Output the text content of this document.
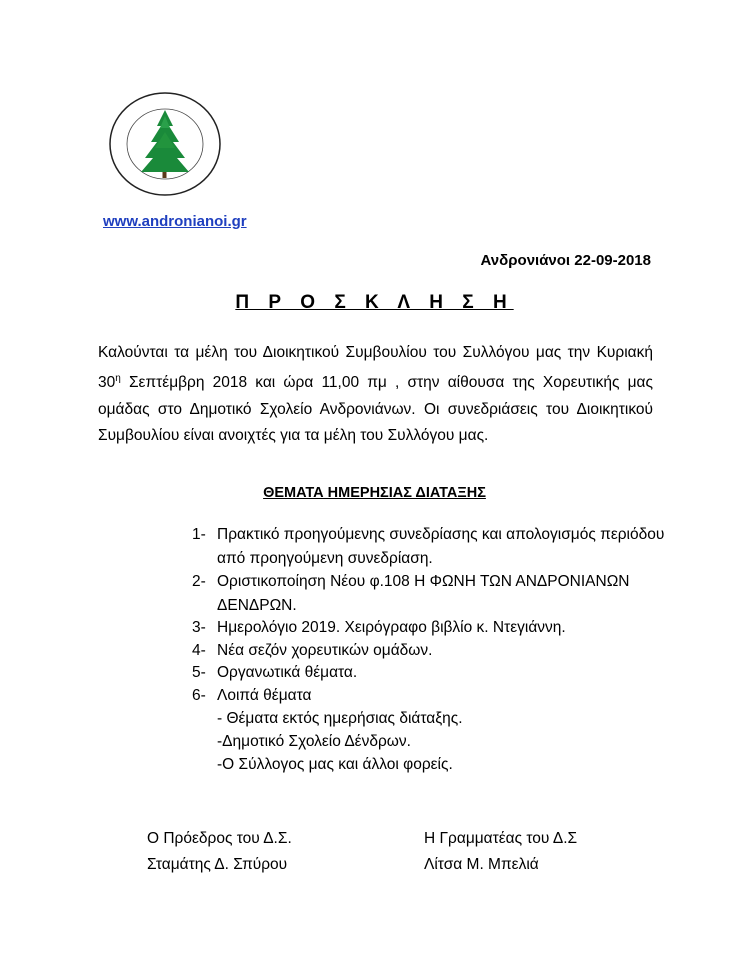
www.andronianoi.gr
Ανδρονιάνοι 22-09-2018
Π Ρ Ο Σ Κ Λ Η Σ Η
Καλούνται τα μέλη του Διοικητικού Συμβουλίου του Συλλόγου μας την Κυριακή $30^\eta$ Σεπτέμβρη 2018 και ώρα 11,00 πμ , στην αίθουσα της Χορευτικής μας ομάδας στο Δημοτικό Σχολείο Ανδρονιάνων. Οι συνεδριάσεις του Διοικητικού Συμβουλίου είναι ανοιχτές για τα μέλη του Συλλόγου μας.
ΘΕΜΑΤΑ ΗΜΕΡΗΣΙΑΣ ΔΙΑΤΑΞΗΣ
1- Πρακτικό προηγούμενης συνεδρίασης και απολογισμός περιόδου από προηγούμενη συνεδρίαση.
2- Οριστικοποίηση Νέου φ.108 Η ΦΩΝΗ ΤΩΝ ΑΝΔΡΟΝΙΑΝΩΝ ΔΕΝΔΡΩΝ.
3- Ημερολόγιο 2019. Χειρόγραφο βιβλίο κ. Ντεγιάννη.
4- Νέα σεζόν χορευτικών ομάδων.
5- Οργανωτικά θέματα.
6- Λοιπά θέματα
- Θέματα εκτός ημερήσιας διάταξης.
-Δημοτικό Σχολείο Δένδρων.
-Ο Σύλλογος μας και άλλοι φορείς.
Ο Πρόεδρος του Δ.Σ.
Σταμάτης Δ. Σπύρου
Η Γραμματέας του Δ.Σ
Λίτσα Μ. Μπελιά
